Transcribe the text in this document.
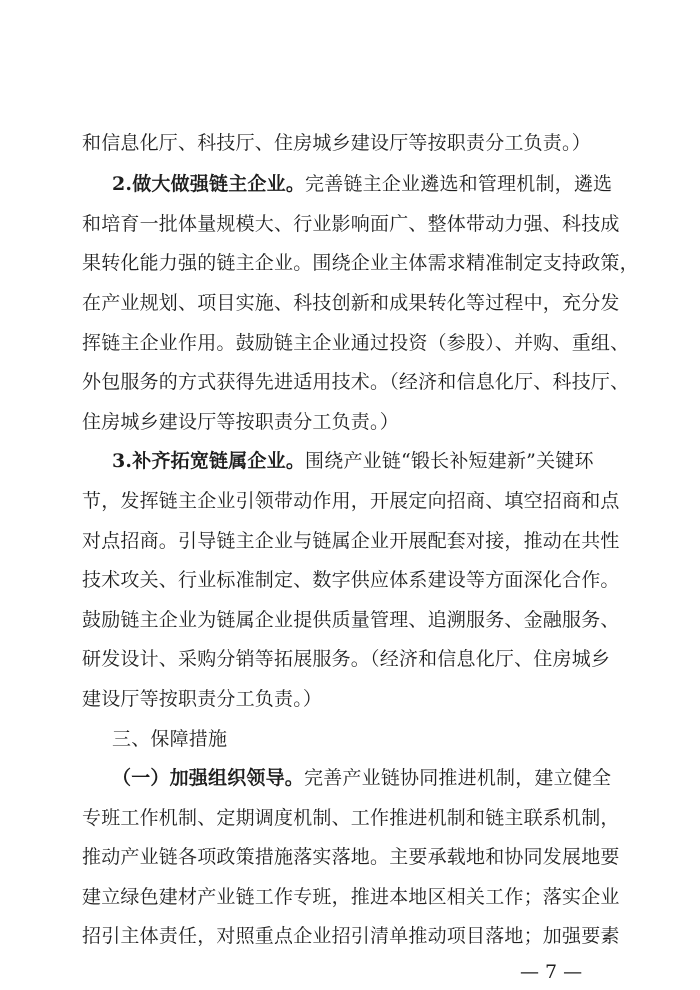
和信息化厅、科技厅、住房城乡建设厅等按职责分工负责。）
2.做大做强链主企业。完善链主企业遴选和管理机制，遴选
和培育一批体量规模大、行业影响面广、整体带动力强、科技成
果转化能力强的链主企业。围绕企业主体需求精准制定支持政策，
在产业规划、项目实施、科技创新和成果转化等过程中，充分发
挥链主企业作用。鼓励链主企业通过投资（参股）、并购、重组、
外包服务的方式获得先进适用技术。（经济和信息化厅、科技厅、
住房城乡建设厅等按职责分工负责。）
3.补齐拓宽链属企业。围绕产业链“锻长补短建新”关键环
节，发挥链主企业引领带动作用，开展定向招商、填空招商和点
对点招商。引导链主企业与链属企业开展配套对接，推动在共性
技术攻关、行业标准制定、数字供应体系建设等方面深化合作。
鼓励链主企业为链属企业提供质量管理、追溯服务、金融服务、
研发设计、采购分销等拓展服务。（经济和信息化厅、住房城乡
建设厅等按职责分工负责。）
三、保障措施
（一）加强组织领导。完善产业链协同推进机制，建立健全
专班工作机制、定期调度机制、工作推进机制和链主联系机制，
推动产业链各项政策措施落实落地。主要承载地和协同发展地要
建立绿色建材产业链工作专班，推进本地区相关工作；落实企业
招引主体责任，对照重点企业招引清单推动项目落地；加强要素
— 7 —
